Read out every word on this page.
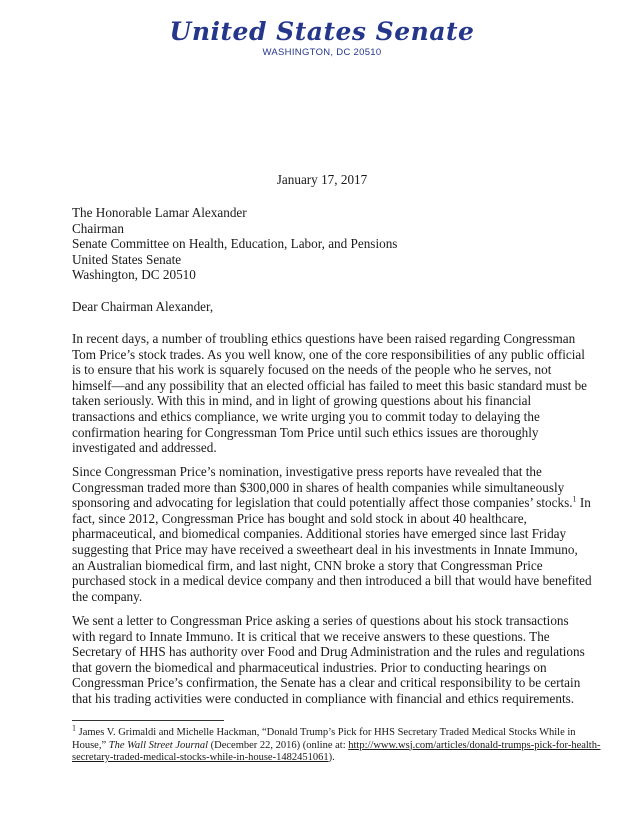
United States Senate
WASHINGTON, DC 20510
January 17, 2017
The Honorable Lamar Alexander
Chairman
Senate Committee on Health, Education, Labor, and Pensions
United States Senate
Washington, DC 20510
Dear Chairman Alexander,

In recent days, a number of troubling ethics questions have been raised regarding Congressman Tom Price’s stock trades. As you well know, one of the core responsibilities of any public official is to ensure that his work is squarely focused on the needs of the people who he serves, not himself—and any possibility that an elected official has failed to meet this basic standard must be taken seriously. With this in mind, and in light of growing questions about his financial transactions and ethics compliance, we write urging you to commit today to delaying the confirmation hearing for Congressman Tom Price until such ethics issues are thoroughly investigated and addressed.

Since Congressman Price’s nomination, investigative press reports have revealed that the Congressman traded more than $300,000 in shares of health companies while simultaneously sponsoring and advocating for legislation that could potentially affect those companies’ stocks.$^1$ In fact, since 2012, Congressman Price has bought and sold stock in about 40 healthcare, pharmaceutical, and biomedical companies. Additional stories have emerged since last Friday suggesting that Price may have received a sweetheart deal in his investments in Innate Immuno, an Australian biomedical firm, and last night, CNN broke a story that Congressman Price purchased stock in a medical device company and then introduced a bill that would have benefited the company.

We sent a letter to Congressman Price asking a series of questions about his stock transactions with regard to Innate Immuno. It is critical that we receive answers to these questions. The Secretary of HHS has authority over Food and Drug Administration and the rules and regulations that govern the biomedical and pharmaceutical industries. Prior to conducting hearings on Congressman Price’s confirmation, the Senate has a clear and critical responsibility to be certain that his trading activities were conducted in compliance with financial and ethics requirements.

$^1$ James V. Grimaldi and Michelle Hackman, “Donald Trump’s Pick for HHS Secretary Traded Medical Stocks While in House,” The Wall Street Journal (December 22, 2016) (online at: http://www.wsj.com/articles/donald-trumps-pick-for-health-secretary-traded-medical-stocks-while-in-house-1482451061).
